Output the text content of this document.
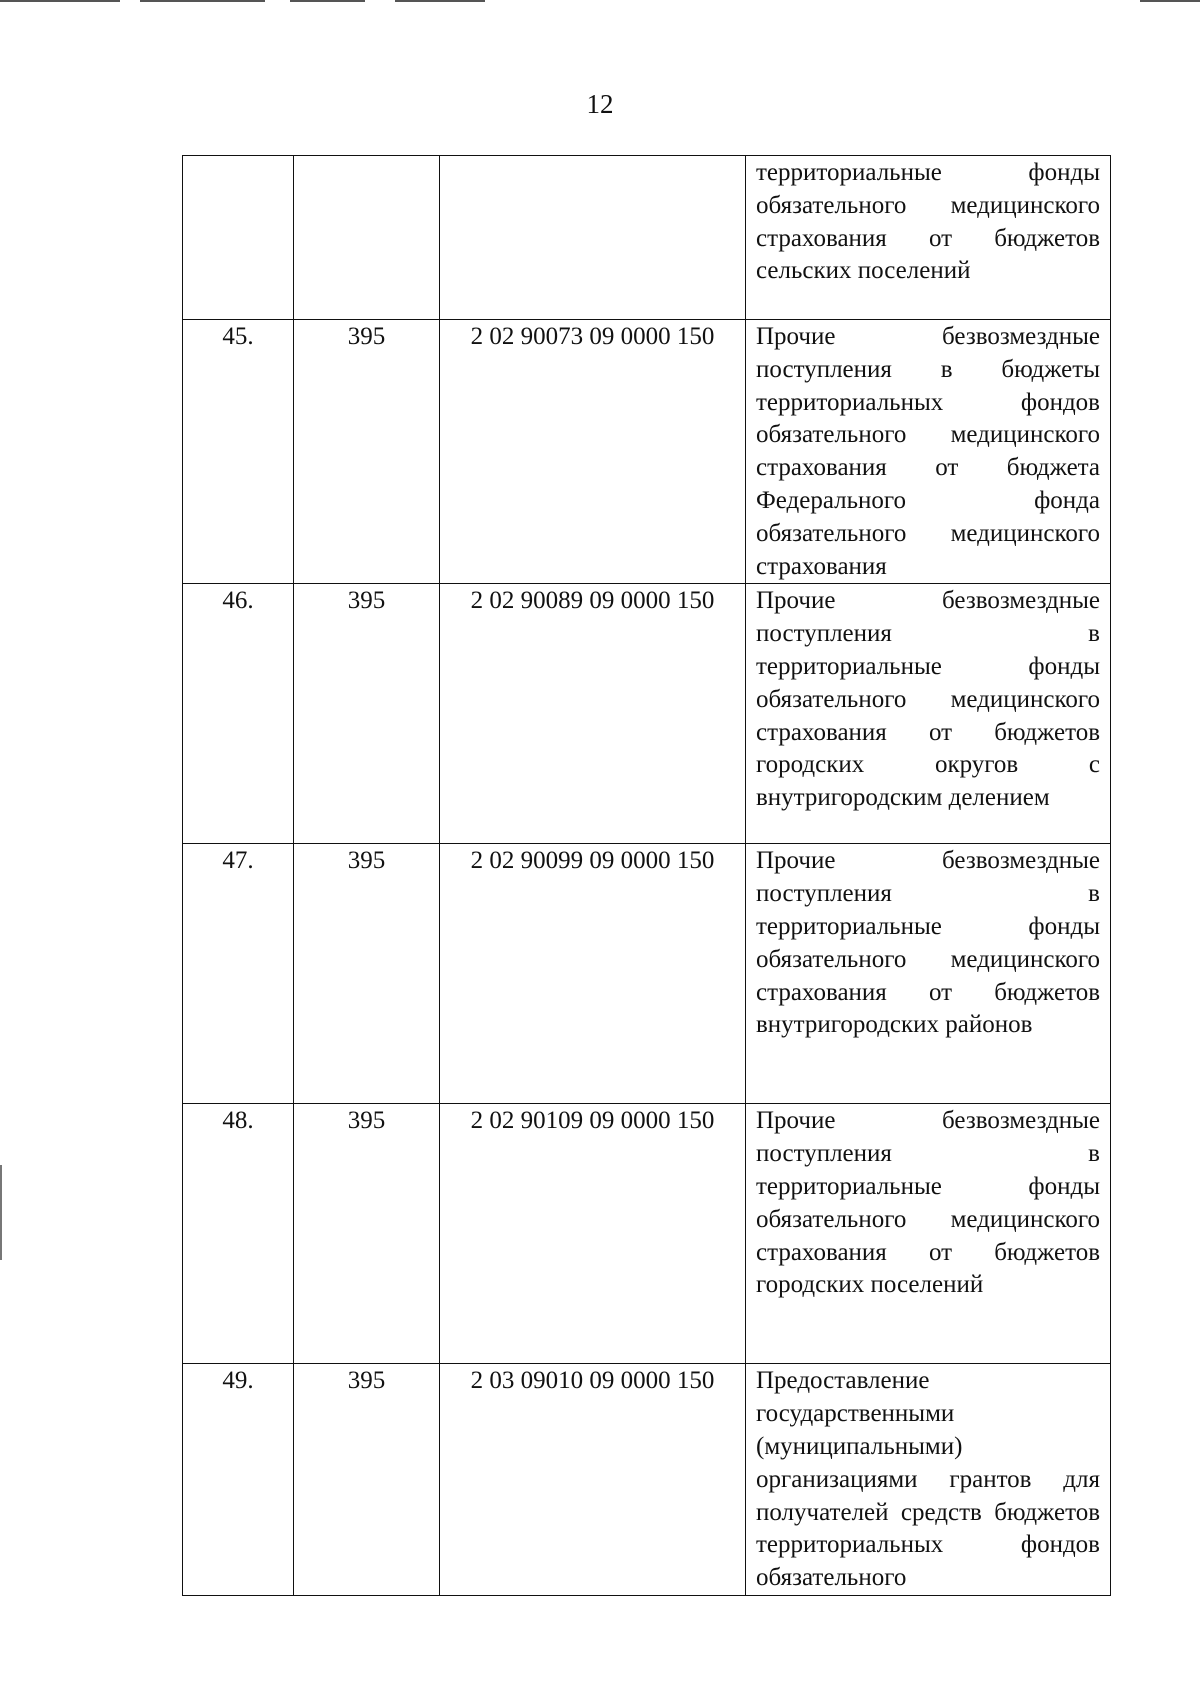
12

			территориальные фонды обязательного медицинского страхования от бюджетов сельских поселений

45.	395	2 02 90073 09 0000 150	Прочие безвозмездные поступления в бюджеты территориальных фондов обязательного медицинского страхования от бюджета Федерального фонда обязательного медицинского страхования

46.	395	2 02 90089 09 0000 150	Прочие безвозмездные поступления в территориальные фонды обязательного медицинского страхования от бюджетов городских округов с внутригородским делением

47.	395	2 02 90099 09 0000 150	Прочие безвозмездные поступления в территориальные фонды обязательного медицинского страхования от бюджетов внутригородских районов

48.	395	2 02 90109 09 0000 150	Прочие безвозмездные поступления в территориальные фонды обязательного медицинского страхования от бюджетов городских поселений

49.	395	2 03 09010 09 0000 150	Предоставление государственными (муниципальными) организациями грантов для получателей средств бюджетов территориальных фондов обязательного
